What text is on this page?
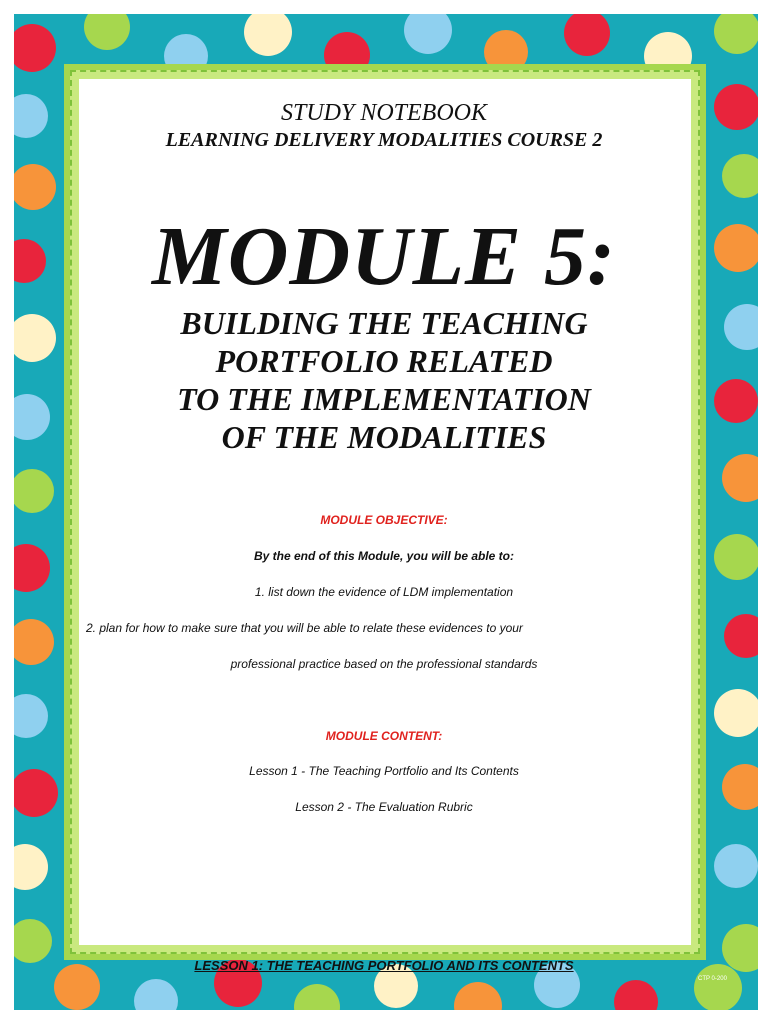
STUDY NOTEBOOK
LEARNING DELIVERY MODALITIES COURSE 2
MODULE 5:
BUILDING THE TEACHING
PORTFOLIO RELATED
TO THE IMPLEMENTATION
OF THE MODALITIES
MODULE OBJECTIVE:
By the end of this Module, you will be able to:
1. list down the evidence of LDM implementation
2. plan for how to make sure that you will be able to relate these evidences to your
professional practice based on the professional standards
MODULE CONTENT:
Lesson 1 - The Teaching Portfolio and Its Contents
Lesson 2 - The Evaluation Rubric
LESSON 1: THE TEACHING PORTFOLIO AND ITS CONTENTS
CTP 0-200
